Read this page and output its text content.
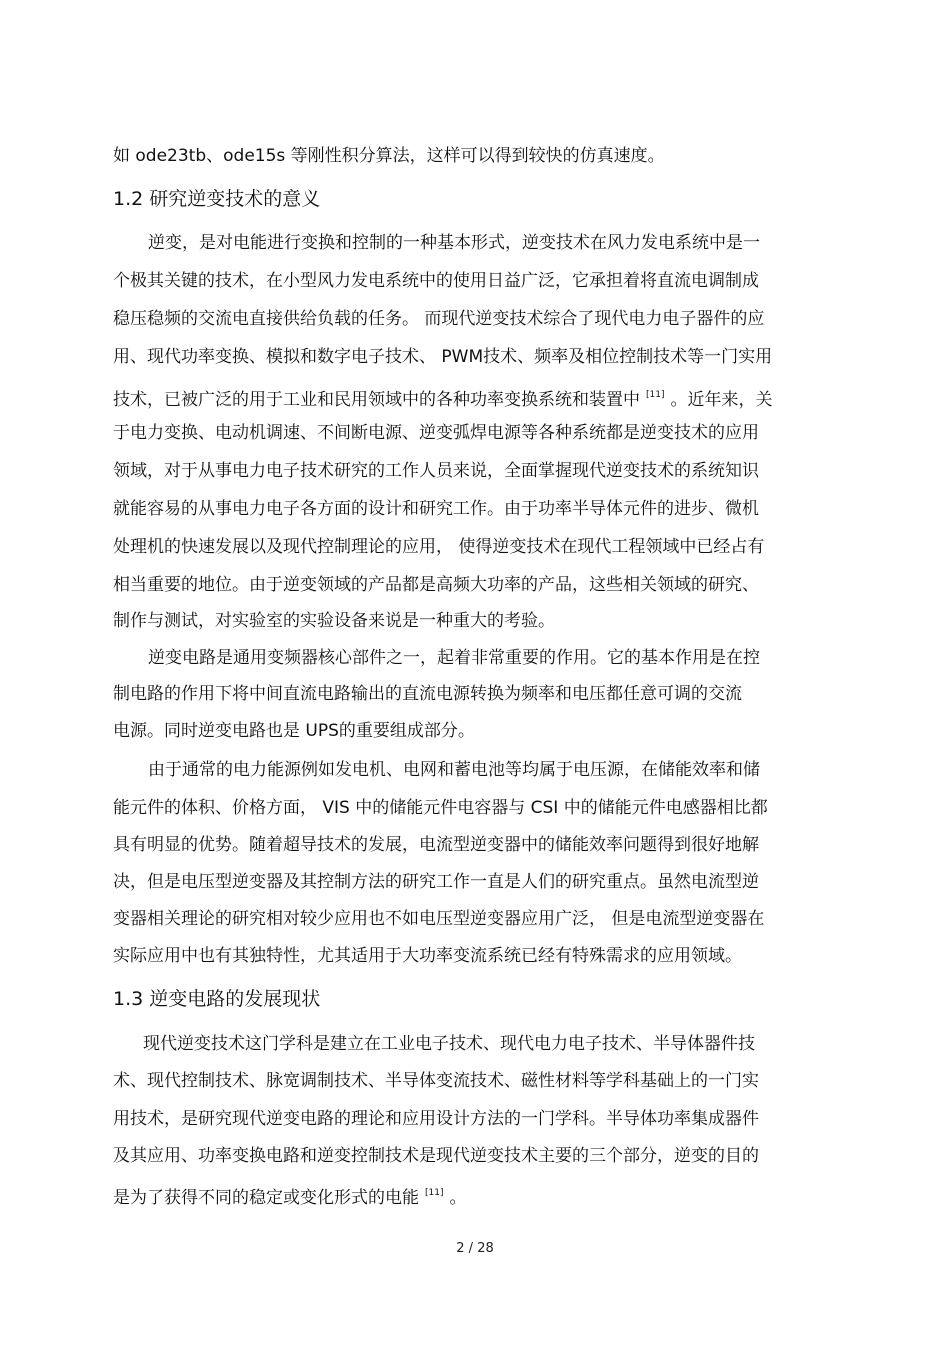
如 ode23tb、ode15s 等刚性积分算法，这样可以得到较快的仿真速度。
1.2 研究逆变技术的意义
逆变，是对电能进行变换和控制的一种基本形式，逆变技术在风力发电系统中是一
个极其关键的技术，在小型风力发电系统中的使用日益广泛，它承担着将直流电调制成
稳压稳频的交流电直接供给负载的任务。 而现代逆变技术综合了现代电力电子器件的应
用、现代功率变换、模拟和数字电子技术、 PWM技术、频率及相位控制技术等一门实用
技术，已被广泛的用于工业和民用领域中的各种功率变换系统和装置中 [11] 。近年来，关
于电力变换、电动机调速、不间断电源、逆变弧焊电源等各种系统都是逆变技术的应用
领域，对于从事电力电子技术研究的工作人员来说，全面掌握现代逆变技术的系统知识
就能容易的从事电力电子各方面的设计和研究工作。由于功率半导体元件的进步、微机
处理机的快速发展以及现代控制理论的应用， 使得逆变技术在现代工程领域中已经占有
相当重要的地位。由于逆变领域的产品都是高频大功率的产品，这些相关领域的研究、
制作与测试，对实验室的实验设备来说是一种重大的考验。
逆变电路是通用变频器核心部件之一，起着非常重要的作用。它的基本作用是在控
制电路的作用下将中间直流电路输出的直流电源转换为频率和电压都任意可调的交流
电源。同时逆变电路也是 UPS的重要组成部分。
由于通常的电力能源例如发电机、电网和蓄电池等均属于电压源，在储能效率和储
能元件的体积、价格方面， VIS 中的储能元件电容器与 CSI 中的储能元件电感器相比都
具有明显的优势。随着超导技术的发展，电流型逆变器中的储能效率问题得到很好地解
决，但是电压型逆变器及其控制方法的研究工作一直是人们的研究重点。虽然电流型逆
变器相关理论的研究相对较少应用也不如电压型逆变器应用广泛， 但是电流型逆变器在
实际应用中也有其独特性，尤其适用于大功率变流系统已经有特殊需求的应用领域。
1.3 逆变电路的发展现状
现代逆变技术这门学科是建立在工业电子技术、现代电力电子技术、半导体器件技
术、现代控制技术、脉宽调制技术、半导体变流技术、磁性材料等学科基础上的一门实
用技术，是研究现代逆变电路的理论和应用设计方法的一门学科。半导体功率集成器件
及其应用、功率变换电路和逆变控制技术是现代逆变技术主要的三个部分，逆变的目的
是为了获得不同的稳定或变化形式的电能 [11] 。
2 / 28
